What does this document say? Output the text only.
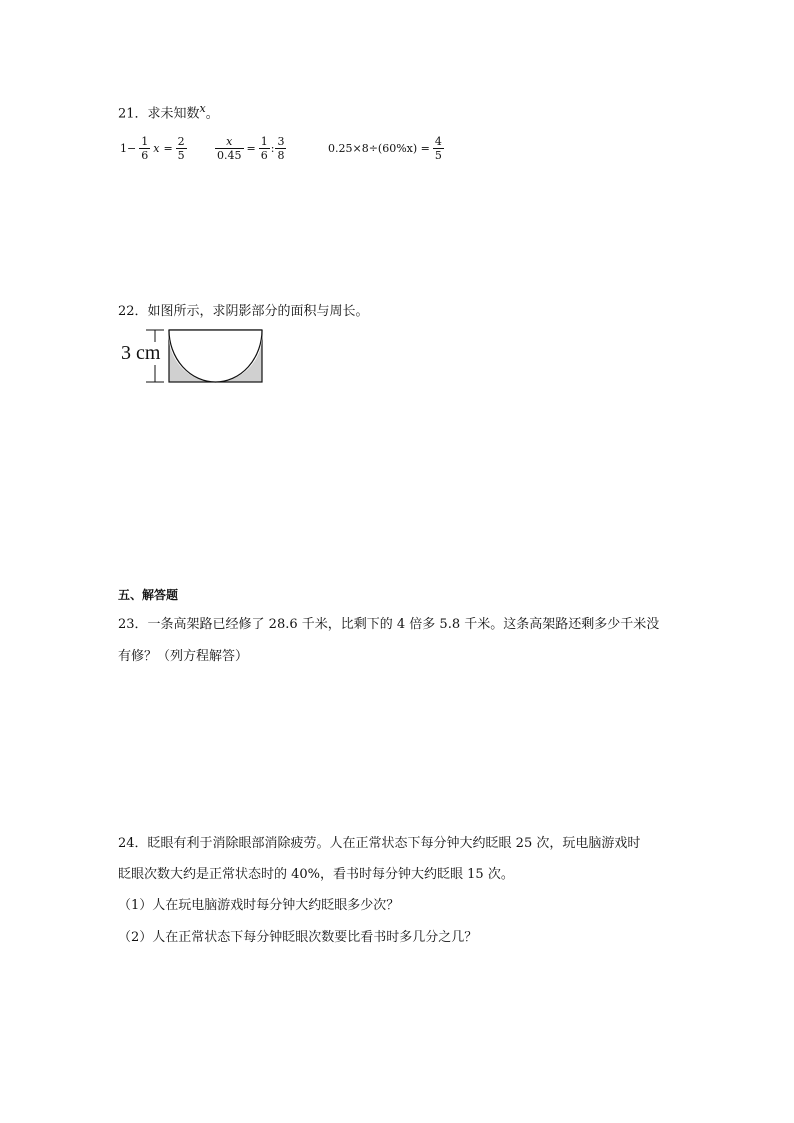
21．求未知数$^x$。
$1- \frac{1}{6}$ $x = \frac{2}{5}$	$\frac{x}{0.45} = \frac{1}{6}$ : $\frac{3}{8}$	$0.25\times 8\div(60\%x) = \frac{4}{5}$
22．如图所示，求阴影部分的面积与周长。
3 cm
五、解答题
23．一条高架路已经修了 28.6 千米，比剩下的 4 倍多 5.8 千米。这条高架路还剩多少千米没
有修？（列方程解答）
24．眨眼有利于消除眼部消除疲劳。人在正常状态下每分钟大约眨眼 25 次，玩电脑游戏时
眨眼次数大约是正常状态时的 40%，看书时每分钟大约眨眼 15 次。
（1）人在玩电脑游戏时每分钟大约眨眼多少次？
（2）人在正常状态下每分钟眨眼次数要比看书时多几分之几？
